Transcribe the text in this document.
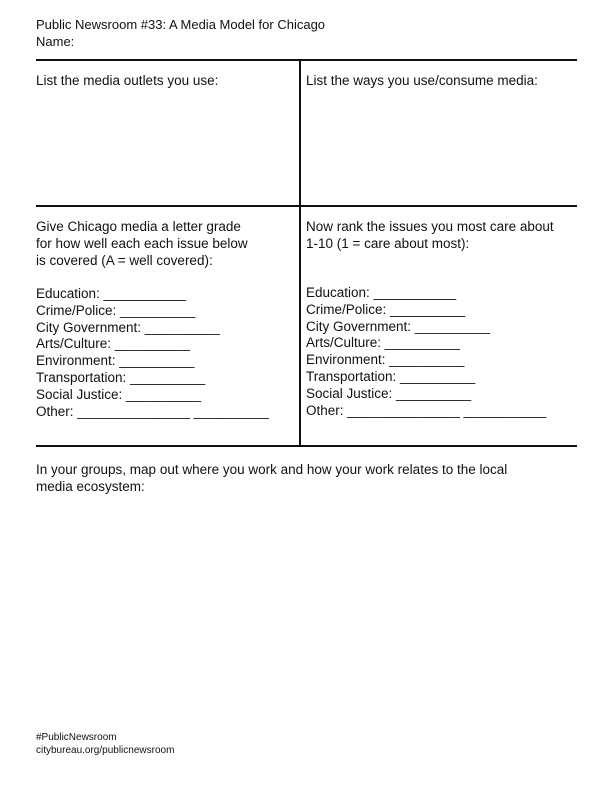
Public Newsroom #33: A Media Model for Chicago
Name:
List the media outlets you use:	List the ways you use/consume media:
Give Chicago media a letter grade
for how well each each issue below
is covered (A = well covered):
Education: ___________
Crime/Police: __________
City Government: __________
Arts/Culture: __________
Environment: __________
Transportation: __________
Social Justice: __________
Other: _______________ __________
Now rank the issues you most care about
1-10 (1 = care about most):
Education: ___________
Crime/Police: __________
City Government: __________
Arts/Culture: __________
Environment: __________
Transportation: __________
Social Justice: __________
Other: _______________ ___________
In your groups, map out where you work and how your work relates to the local
media ecosystem:
#PublicNewsroom
citybureau.org/publicnewsroom
